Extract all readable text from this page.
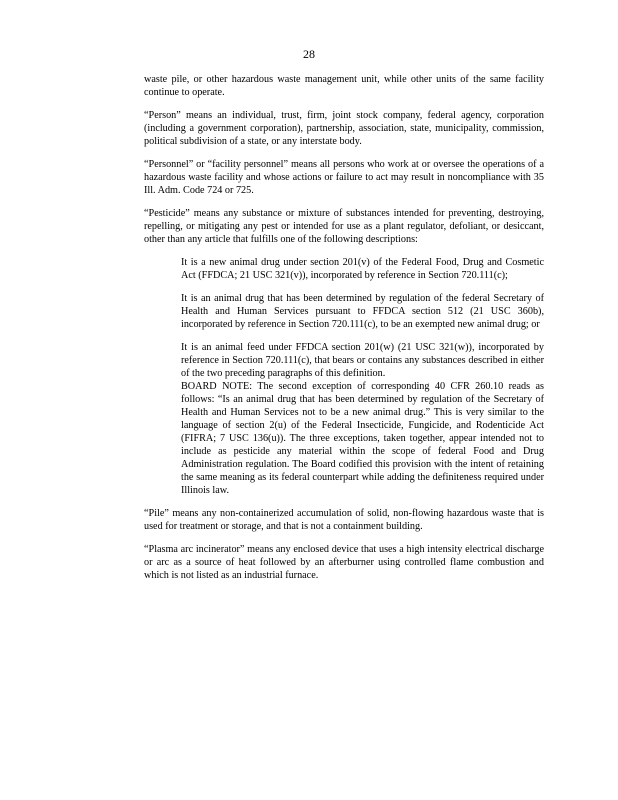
28

waste pile, or other hazardous waste management unit, while other units of the same facility continue to operate.

“Person” means an individual, trust, firm, joint stock company, federal agency, corporation (including a government corporation), partnership, association, state, municipality, commission, political subdivision of a state, or any interstate body.

“Personnel” or “facility personnel” means all persons who work at or oversee the operations of a hazardous waste facility and whose actions or failure to act may result in noncompliance with 35 Ill. Adm. Code 724 or 725.

“Pesticide” means any substance or mixture of substances intended for preventing, destroying, repelling, or mitigating any pest or intended for use as a plant regulator, defoliant, or desiccant, other than any article that fulfills one of the following descriptions:

It is a new animal drug under section 201(v) of the Federal Food, Drug and Cosmetic Act (FFDCA; 21 USC 321(v)), incorporated by reference in Section 720.111(c);

It is an animal drug that has been determined by regulation of the federal Secretary of Health and Human Services pursuant to FFDCA section 512 (21 USC 360b), incorporated by reference in Section 720.111(c), to be an exempted new animal drug; or

It is an animal feed under FFDCA section 201(w) (21 USC 321(w)), incorporated by reference in Section 720.111(c), that bears or contains any substances described in either of the two preceding paragraphs of this definition.

BOARD NOTE: The second exception of corresponding 40 CFR 260.10 reads as follows: “Is an animal drug that has been determined by regulation of the Secretary of Health and Human Services not to be a new animal drug.” This is very similar to the language of section 2(u) of the Federal Insecticide, Fungicide, and Rodenticide Act (FIFRA; 7 USC 136(u)). The three exceptions, taken together, appear intended not to include as pesticide any material within the scope of federal Food and Drug Administration regulation. The Board codified this provision with the intent of retaining the same meaning as its federal counterpart while adding the definiteness required under Illinois law.

“Pile” means any non-containerized accumulation of solid, non-flowing hazardous waste that is used for treatment or storage, and that is not a containment building.

“Plasma arc incinerator” means any enclosed device that uses a high intensity electrical discharge or arc as a source of heat followed by an afterburner using controlled flame combustion and which is not listed as an industrial furnace.
